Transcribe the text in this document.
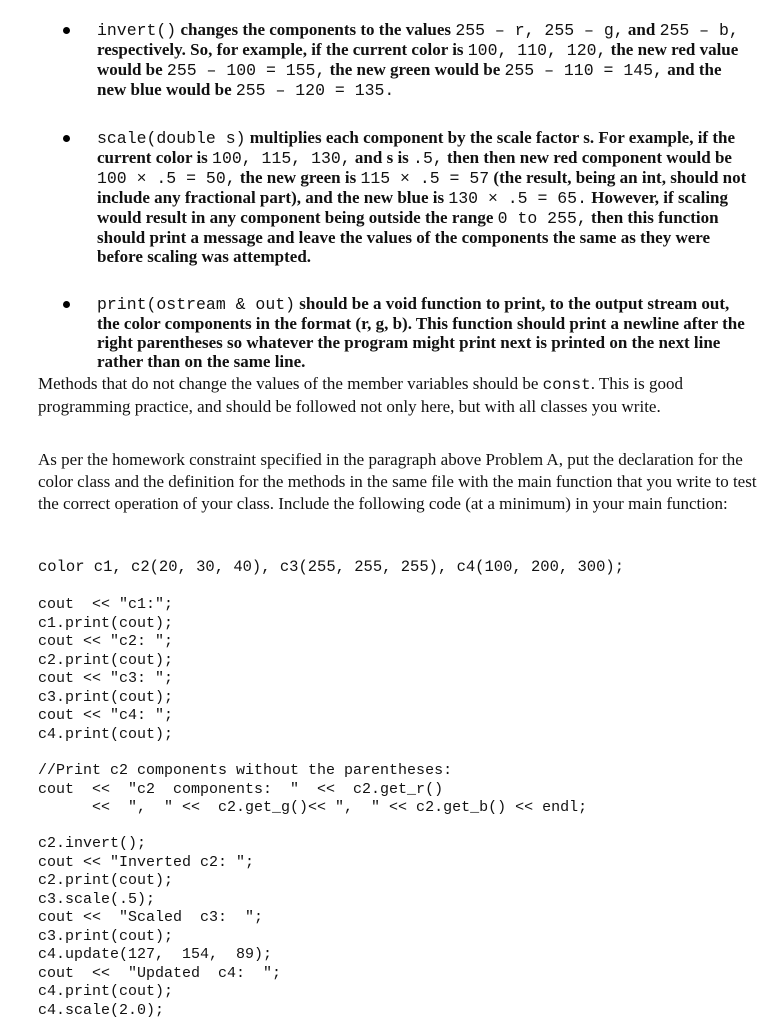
invert() changes the components to the values 255 – r, 255 – g, and 255 – b, respectively. So, for example, if the current color is 100, 110, 120, the new red value would be 255 – 100 = 155, the new green would be 255 – 110 = 145, and the new blue would be 255 – 120 = 135.
scale(double s) multiplies each component by the scale factor s. For example, if the current color is 100, 115, 130, and s is .5, then then new red component would be 100 × .5 = 50, the new green is 115 × .5 = 57 (the result, being an int, should not include any fractional part), and the new blue is 130 × .5 = 65. However, if scaling would result in any component being outside the range 0 to 255, then this function should print a message and leave the values of the components the same as they were before scaling was attempted.
print(ostream & out) should be a void function to print, to the output stream out, the color components in the format (r, g, b). This function should print a newline after the right parentheses so whatever the program might print next is printed on the next line rather than on the same line.
Methods that do not change the values of the member variables should be const. This is good programming practice, and should be followed not only here, but with all classes you write.
As per the homework constraint specified in the paragraph above Problem A, put the declaration for the color class and the definition for the methods in the same file with the main function that you write to test the correct operation of your class. Include the following code (at a minimum) in your main function:
color c1, c2(20, 30, 40), c3(255, 255, 255), c4(100, 200, 300);
cout  << "c1:";
c1.print(cout);
cout << "c2: ";
c2.print(cout);
cout << "c3: ";
c3.print(cout);
cout << "c4: ";
c4.print(cout);
//Print c2 components without the parentheses:
cout  <<  "c2  components:  "  <<  c2.get_r()
<<  ",  " <<  c2.get_g()<< ",  " << c2.get_b() << endl;
c2.invert();
cout << "Inverted c2: ";
c2.print(cout);
c3.scale(.5);
cout <<  "Scaled  c3:  ";
c3.print(cout);
c4.update(127,  154,  89);
cout  <<  "Updated  c4:  ";
c4.print(cout);
c4.scale(2.0);
